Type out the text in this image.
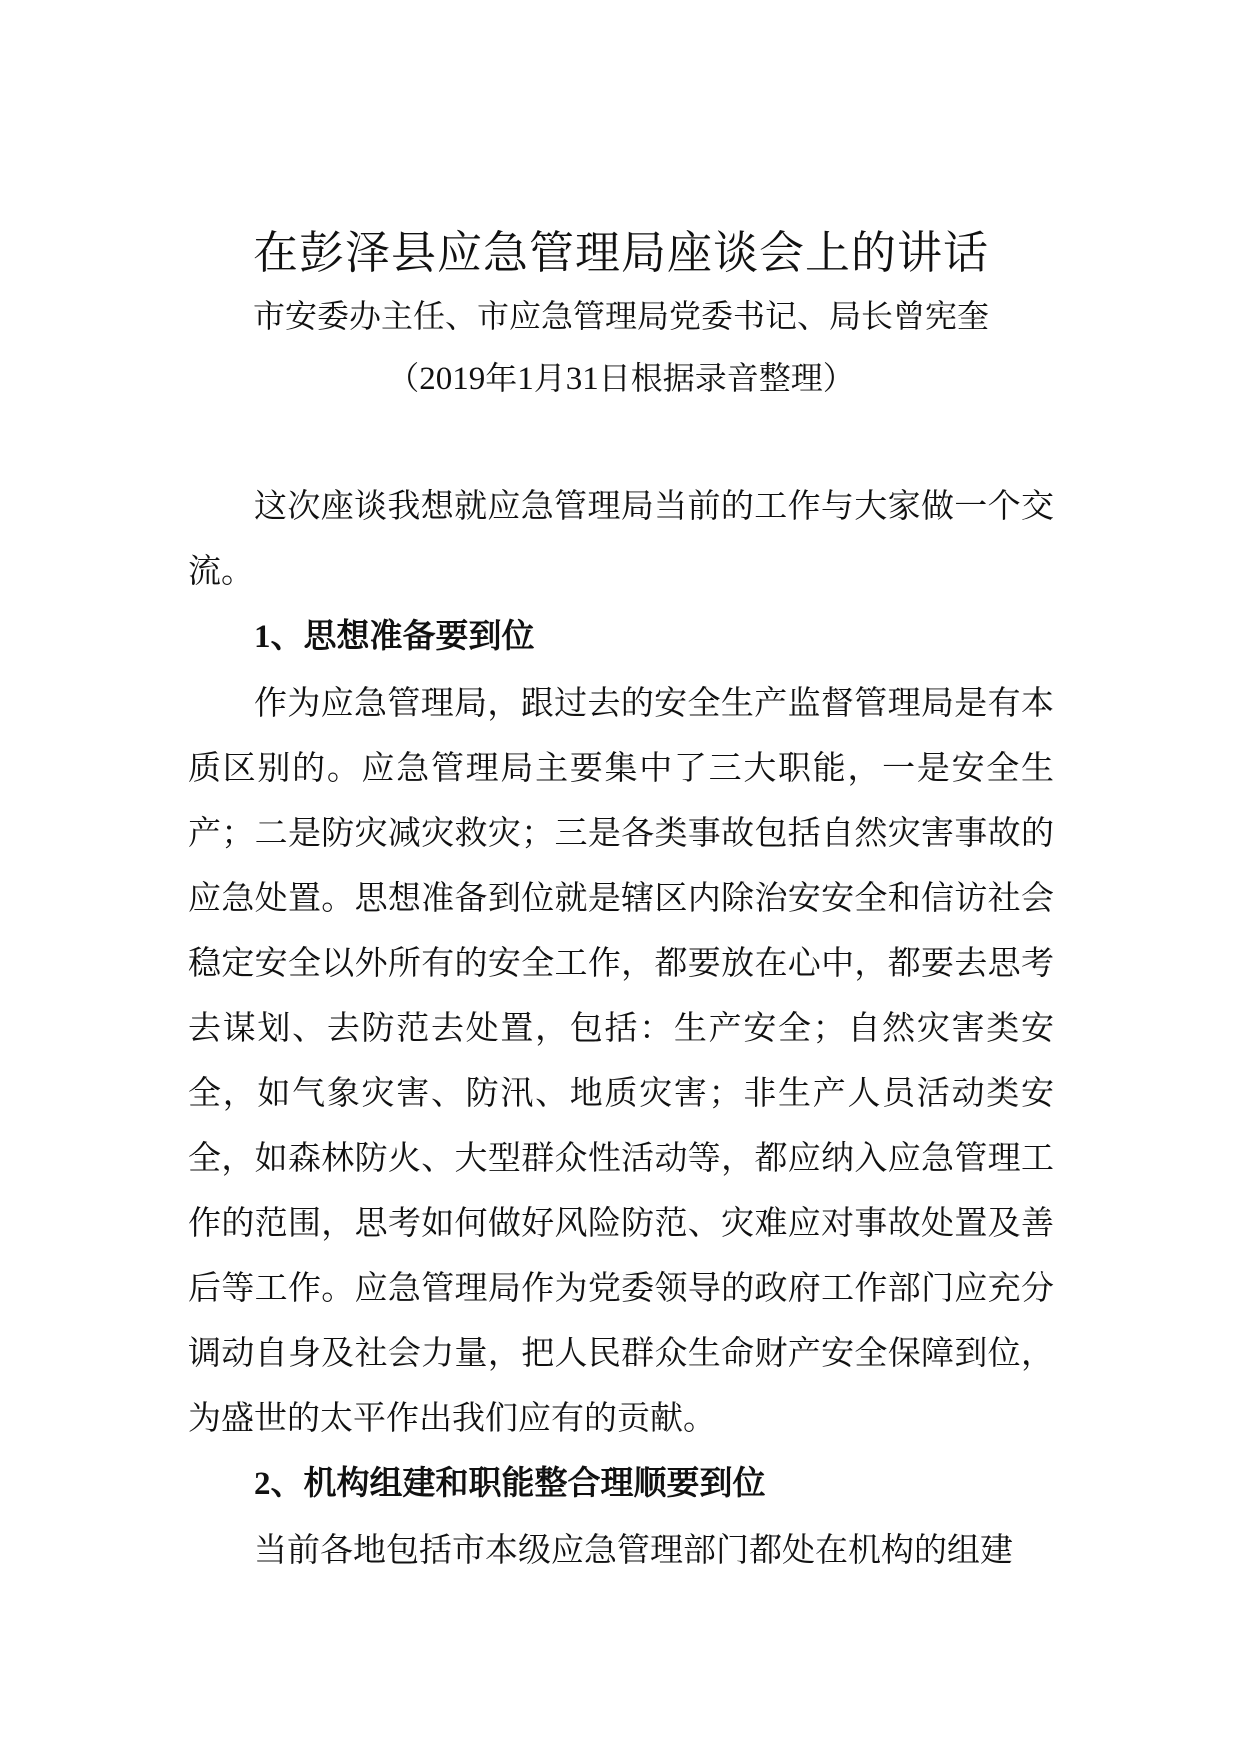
在彭泽县应急管理局座谈会上的讲话

市安委办主任、市应急管理局党委书记、局长曾宪奎

（2019年1月31日根据录音整理）

这次座谈我想就应急管理局当前的工作与大家做一个交流。

1、思想准备要到位

作为应急管理局，跟过去的安全生产监督管理局是有本质区别的。应急管理局主要集中了三大职能，一是安全生产；二是防灾减灾救灾；三是各类事故包括自然灾害事故的应急处置。思想准备到位就是辖区内除治安安全和信访社会稳定安全以外所有的安全工作，都要放在心中，都要去思考去谋划、去防范去处置，包括：生产安全；自然灾害类安全，如气象灾害、防汛、地质灾害；非生产人员活动类安全，如森林防火、大型群众性活动等，都应纳入应急管理工作的范围，思考如何做好风险防范、灾难应对事故处置及善后等工作。应急管理局作为党委领导的政府工作部门应充分调动自身及社会力量，把人民群众生命财产安全保障到位，为盛世的太平作出我们应有的贡献。

2、机构组建和职能整合理顺要到位

当前各地包括市本级应急管理部门都处在机构的组建
